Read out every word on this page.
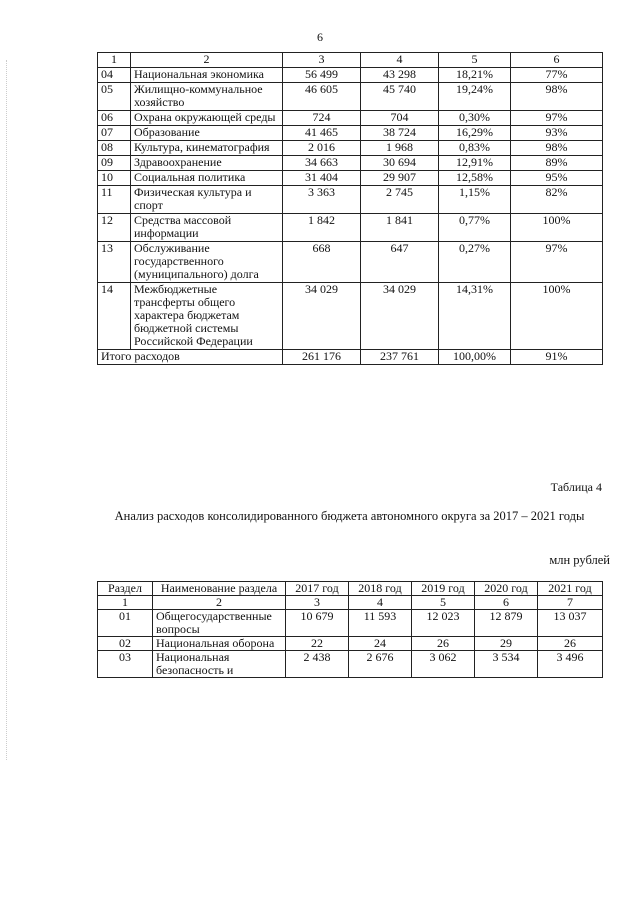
6
1	2	3	4	5	6
04	Национальная экономика	56 499	43 298	18,21%	77%
05	Жилищно-коммунальное хозяйство	46 605	45 740	19,24%	98%
06	Охрана окружающей среды	724	704	0,30%	97%
07	Образование	41 465	38 724	16,29%	93%
08	Культура, кинематография	2 016	1 968	0,83%	98%
09	Здравоохранение	34 663	30 694	12,91%	89%
10	Социальная политика	31 404	29 907	12,58%	95%
11	Физическая культура и спорт	3 363	2 745	1,15%	82%
12	Средства массовой информации	1 842	1 841	0,77%	100%
13	Обслуживание государственного (муниципального) долга	668	647	0,27%	97%
14	Межбюджетные трансферты общего характера бюджетам бюджетной системы Российской Федерации	34 029	34 029	14,31%	100%
Итого расходов		261 176	237 761	100,00%	91%
Таблица 4
Анализ расходов консолидированного бюджета автономного округа за 2017 – 2021 годы
млн рублей
Раздел	Наименование раздела	2017 год	2018 год	2019 год	2020 год	2021 год
1	2	3	4	5	6	7
01	Общегосударственные вопросы	10 679	11 593	12 023	12 879	13 037
02	Национальная оборона	22	24	26	29	26
03	Национальная безопасность и	2 438	2 676	3 062	3 534	3 496
